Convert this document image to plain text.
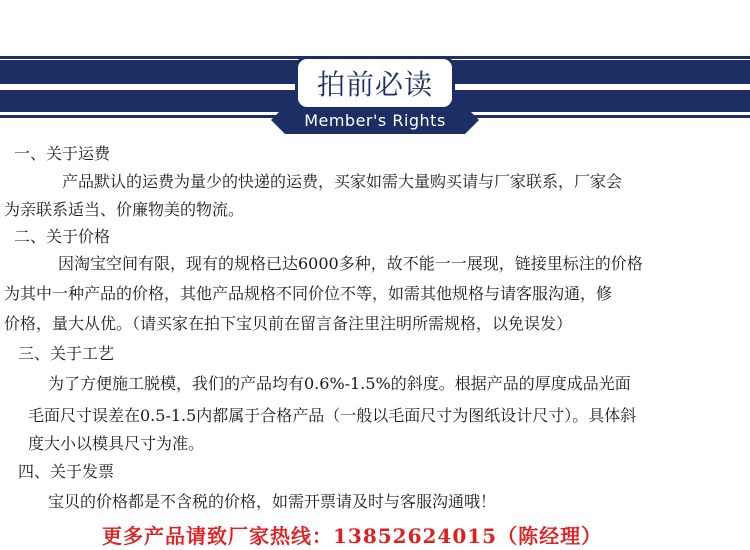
Member's Rights
拍前必读
一、关于运费
产品默认的运费为量少的快递的运费，买家如需大量购买请与厂家联系，厂家会
为亲联系适当、价廉物美的物流。
二、关于价格
因淘宝空间有限，现有的规格已达6000多种，故不能一一展现，链接里标注的价格
为其中一种产品的价格，其他产品规格不同价位不等，如需其他规格与请客服沟通，修
价格，量大从优。（请买家在拍下宝贝前在留言备注里注明所需规格，以免误发）
三、关于工艺
为了方便施工脱模，我们的产品均有0.6%-1.5%的斜度。根据产品的厚度成品光面
毛面尺寸误差在0.5-1.5内都属于合格产品（一般以毛面尺寸为图纸设计尺寸）。具体斜
度大小以模具尺寸为准。
四、关于发票
宝贝的价格都是不含税的价格，如需开票请及时与客服沟通哦！
更多产品请致厂家热线：13852624015（陈经理）
